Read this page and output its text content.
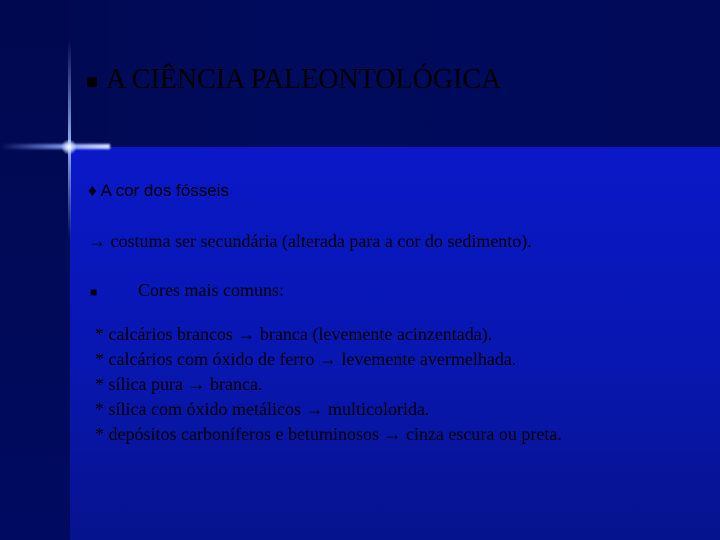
■ A CIÊNCIA PALEONTOLÓGICA

♦ A cor dos fósseis

→ costuma ser secundária (alterada para a cor do sedimento).

■ Cores mais comuns:

* calcários brancos → branca (levemente acinzentada).
* calcários com óxido de ferro → levemente avermelhada.
* sílica pura → branca.
* sílica com óxido metálicos → multicolorida.
* depósitos carboníferos e betuminosos → cinza escura ou preta.
